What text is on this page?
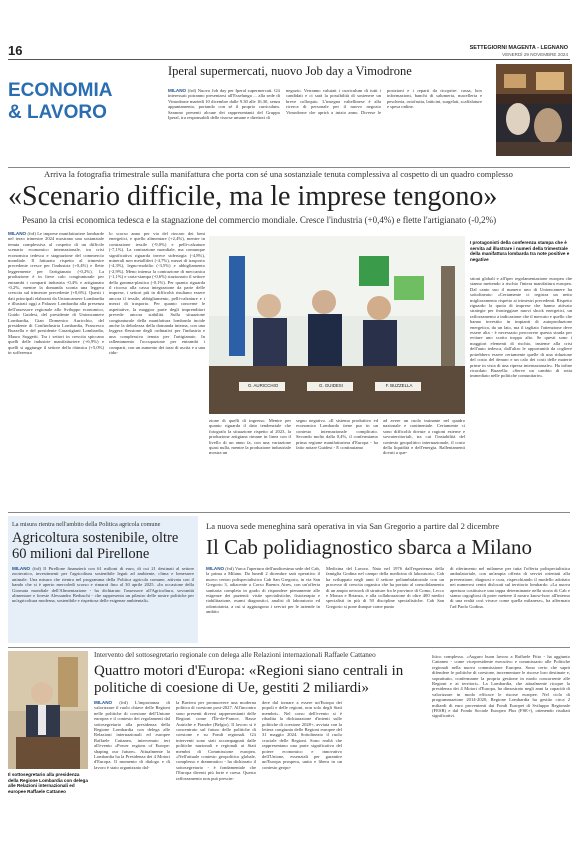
16	SETTEGIORNI MAGENTA - LEGNANO
VENERDÌ 29 NOVEMBRE 2024
ECONOMIA
& LAVORO
Iperal supermercati, nuovo Job day a Vimodrone
MILANO (frd) Nuovo Job day per Iperal supermercati. Gli interessati potranno presentarsi all'Esselunga ... alla sede di Vimodrone martedì 10 dicembre dalle 9.30 alle 16.30, senza appuntamento, portando con sé il proprio curriculum. Saranno presenti alcune dei rappresentanti del Gruppo Iperal, tra responsabili delle risorse umane e direttori di
negozio. Verranno valutati i curriculum di tutti i candidati e ci sarà la possibilità di sostenere un breve colloquio. L'insegna valtellinese è alla ricerca di personale per il nuovo negozio Vimodrone che aprirà a inizio anno. Diverse le posizioni e i reparti da ricoprire: cassa, box informazioni, banchi di salumeria, macelleria e pescheria, ortofrutta, latticini, surgelati, scaffalature e spesa online.
Arriva la fotografia trimestrale sulla manifattura che porta con sé una sostanziale tenuta complessiva al cospetto di un quadro complesso
«Scenario difficile, ma le imprese tengono»
Pesano la crisi economica tedesca e la stagnazione del commercio mondiale. Cresce l'industria (+0,4%) e flette l'artigianato (-0,2%)
MILANO (frd) Le imprese manifatturiere lombarde nel terzo trimestre 2024 mostrano una sostanziale tenuta complessiva al cospetto di un difficile scenario economico internazionale, tra crisi economica tedesca e stagnazione del commercio mondiale. Il fatturato rispetto al trimestre precedente cresce per l'industria (+0,4%) e flette leggermente per l'artigianato (-0,2%). La produzione è in lieve calo congiunturale per entrambi i comparti industria -0,4% e artigianato -0,2%, mentre la domanda sconta una leggera crescita sul trimestre precedente (+0,6%). Questi i dati principali elaborati da Unioncamere Lombardia e illustrati oggi a Palazzo Lombardia alla presenza dell'assessore regionale allo Sviluppo economico, Guido Guidesi, del presidente di Unioncamere Lombardia, Gian Domenico Auricchio, del presidente di Confindustria Lombardia, Francesco Buzzella e del presidente Casartigiani Lombardia, Mauro Soggetti. Tra i settori in crescita spiccano quelli delle industrie manifatturiere (+6,9%) e quelli si aggiunge il settore della chimica (+5,0%) in sofferenza
lo scorso anno per via del rincaro dei beni energetici, e quello alimentare (+2,4%), mentre in contrazione tessile (-9,0%) e pelli-calzature (-7,1%). La contrazione mondiale, ma comunque significativa riguarda invece siderurgia (-4,8%), minerali non metalliferi (-4,7%), mezzi di trasporto (-4,3%), legno-mobilio (-3,5%) e abbigliamento (-2,9%). Meno intensa la contrazione di meccanica (-1,1%) e carta-stampa (-0,6%) stazionario il settore della gomma-plastica (-0,1%). Per quanto riguarda il ricorso alla cassa integrazione da parte delle imprese, i settori più in difficoltà risultano essere ancora il tessile, abbigliamento, pelli-calzature e i mezzi di trasporto. Per quanto concerne le aspettative, la maggior parte degli imprenditori prevede ancora stabilità. Sulla situazione congiunturale della manifattura lombarda incide anche la debolezza della domanda interna, con una leggera flessione degli ordinativi per l'industria e una complessiva tenuta per l'artigianato. In rallentamento l'occupazione per entrambi i comparti, con un aumento dei tassi di uscita e a una ridu-
G. AURICCHIO	G. GUIDESI	F. BUZZELLA
zione di quelli di ingresso. Mentre per quanto riguarda il dato tendenziale che fotografa la situazione rispetto al 2023, la produzione artigiana rimane in linea con il livello di un anno fa, con una variazione quasi nulla, mentre la produzione industriale mostra un
segno negativo. «Il sistema produttivo ed economico Lombardo tiene pur in un contesto internazionale complicato. Secondo molto dalla 0,4%, il confermiamo prima regione manifatturiera d'Europa - ha fatto notare Guidesi - E continuiamo
ad avere un ruolo trainante nel quadro nazionale e continentale. Certamente ci sono difficoltà dovute a ragioni esterne e sovraterritoriali, tra cui l'instabilità del contesto geopolitico internazionale, il costo della liquidità e dell'energia. Rallentamenti dovuti a que-
I protagonisti della conferenza stampa che è servita ad illustrare i numeri della trimestrale della manifattura lombarda tra note positive e negative
stioni globali e all'iper regolamentazione europea che stanno mettendo a rischio l'intera manifattura europea. Dal canto suo il numero uno di Unioncamere ha sottolineato: «Certamente ci registra un netto miglioramento rispetto ai trimestri precedenti. Rispetto riguardo la quota di imprese che hanno attivato strategie per fronteggiare nuovi shock energetici, un rafforzamento a indicazione che il mercato e quello che hanno investito in impianti di autoproduzione energetica, da un lato, ma il tagliato l'attenzione deve essere alta - è necessario percorrere questa strada per evitare uno scotto troppo alto. Se questi sono i maggiori elementi di rischio, insieme alla crisi dell'auto tedesca, dall'altro le opportunità da cogliere potrebbero essere certamente quelle di una riduzione del costo del denaro e un calo dei costi delle materie prime in vista di una ripresa internazionale». Ha infine ricordato Buzzella: «Serve un cambio di rotta immediato nelle politiche comunitarie».
La misura rientra nell'ambito della Politica agricola comune
Agricoltura sostenibile, oltre 60 milioni dal Pirellone
MILANO (frd) Il Pirellone finanzierà con 61 milioni di euro, di cui 21 destinati al settore zootecnico, investimenti per l'agricoltura sostenibile legati ad ambiente, clima e benessere animale. Una misura che rientra nel programma della Politica agricola comune, attivata con il bando che si è aperto mercoledì scorso e rimarrà fino al 30 aprile 2025. «In occasione della Giornata mondiale dell'Alimentazione - ha dichiarato l'assessore all'Agricoltura, sovranità alimentare e foreste Alessandro Beduschi - che rappresenta un pilastro delle nostre politiche per un'agricoltura moderna, sostenibile e rispettosa delle esigenze ambientali».
La nuova sede meneghina sarà operativa in via San Gregorio a partire dal 2 dicembre
Il Cab polidiagnostico sbarca a Milano
MILANO (frd) Varca l'apertura dell'undicesima sede del Cab, la prima a Milano. Da lunedì 2 dicembre sarà operativo il nuovo centro polispecialistico Cab San Gregorio, in via San Gregorio 3, adiacente a Corso Buenos Aires, con un'offerta sanitaria completa in grado di rispondere pienamente alle esigenze dei pazienti: visite specialistiche, fisioterapia e riabilitazione, esami diagnostici, analisi di laboratorio ed odontoiatria, a cui si aggiungono i servizi per le aziende in ambito
Medicina del Lavoro. Nato nel 1976 dall'esperienza della famiglia Godina nel campo della medicina di laboratorio, Cab ha sviluppato negli anni il settore poliambulatoriale con un processo di crescita organica che ha portato al consolidamento di un ampio network di strutture fra le province di Como, Lecco e Monza e Brianza, e alla collaborazione di oltre 400 medici specialisti in più di 50 discipline specialistiche. Cab San Gregorio si pone dunque come punto
di riferimento nel milanese per tutta l'offerta polispecialistica ambulatoriale, con un'ampia offerta di servizi orientati alla prevenzione, diagnosi e cura, rispecchiando il modello adottato nei numerosi centri dislocati sul territorio lombardo. «La nuova apertura costituisce una tappa determinante nella storia di Cab e siamo orgogliosi di poter mettere il nostro know-how all'interno di una realtà così vivace come quella milanese», ha affermato l'ad Paolo Godina.
Il sottosegretario alla presidenza della Regione Lombardia con delega alle Relazioni internazionali ed europee Raffaele Cattaneo
Intervento del sottosegretario regionale con delega alle Relazioni internazionali Raffaele Cattaneo
Quattro motori d'Europa: «Regioni siano centrali in politiche di coesione di Ue, gestiti 2 miliardi»
MILANO (frd) L'importanza di valorizzare il ruolo chiave delle Regioni nelle politiche di coesione dell'Unione europea e il contesto dei regolamenti dal sottosegretario alla presidenza della Regione Lombardia con delega alle Relazioni internazionali ed europee Raffaele Cattaneo, intervenuto ieri all'evento «Power regions of Europe: shaping our future». Attualmente la Lombardia ha la Presidenza dei 4 Motori d'Europa. Il momento di dialogo e di lavoro è stato organizzato dal-
la Baviera per promuovere una moderna politica di coesione post-2027. All'incontro sono presenti diversi rappresentanti delle Regioni come l'Île-de-France, Basse Autriche e Fiandre (Belgio). Il lavoro si è concentrato sul futuro delle politiche di coesione e su Fondi regionali. Gli interventi sono stati accompagnati dalle politiche nazionali e regionali ai Stati membri di Commissione europea. «Nell'attuale contesto geopolitico globale, complesso e drammatico - ha dichiarato il sottosegretario - è fondamentale che l'Europa diventi più forte e coesa. Questo rafforzamento non può prescin-
dere dal tornare a essere un'Europa dei popoli e delle regioni, non solo degli Stati membri». Nel corso dell'evento si è ribadita la dichiarazione d'intenti sulle politiche di coesione 2028+, avviata con la lettera congiunta delle Regioni europee del 31 maggio 2024. Sottolineato il ruolo cruciale delle Regioni. Sono realtà che rappresentano una parte significativa del potere economico e innovativo dell'Unione, essenziali per garantire un'Europa prospera, unita e libera in un contesto geopo-
litico complesso. «Auguro buon lavoro a Raffaele Fitto - ha aggiunto Cattaneo - come vicepresidente esecutivo e commissario alle Politiche regionali nella nuova commissione Europea. Sono certo che saprà difendere le politiche di coesione, incrementare le risorse loro destinate e, soprattutto, confermarne la propria gestione in modo concorrente alle Regioni e ai territori». La Lombardia, che attualmente ricopre la presidenza dei 4 Motori d'Europa, ha dimostrato negli anni la capacità di valorizzare in modo efficace le risorse europee. Nel ciclo di programmazione 2014-2020, Regione Lombardia ha gestito circa 2 miliardi di euro provenienti dai Fondi Europei di Sviluppo Regionale (FESR) e dal Fondo Sociale Europeo Plus (FSE+), ottenendo risultati significativi.
